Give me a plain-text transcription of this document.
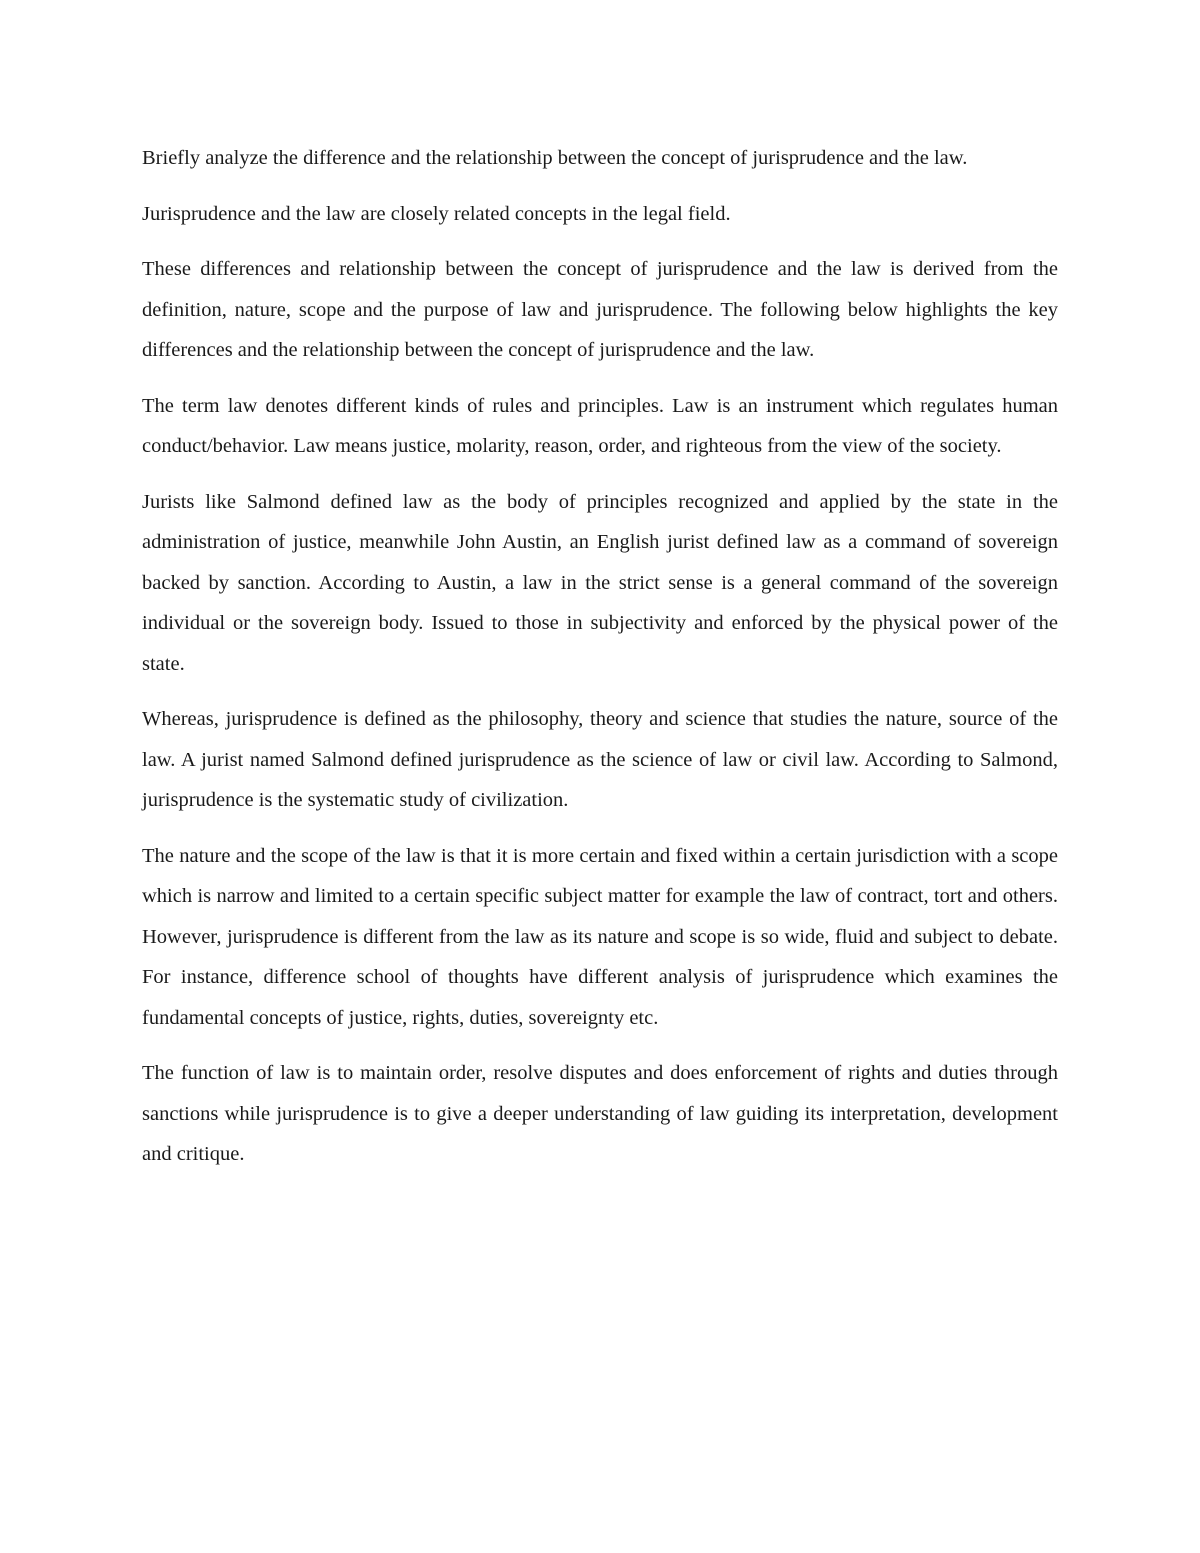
Briefly analyze the difference and the relationship between the concept of jurisprudence and the law.

Jurisprudence and the law are closely related concepts in the legal field.

These differences and relationship between the concept of jurisprudence and the law is derived from the definition, nature, scope and the purpose of law and jurisprudence. The following below highlights the key differences and the relationship between the concept of jurisprudence and the law.

The term law denotes different kinds of rules and principles. Law is an instrument which regulates human conduct/behavior. Law means justice, molarity, reason, order, and righteous from the view of the society.

Jurists like Salmond defined law as the body of principles recognized and applied by the state in the administration of justice, meanwhile John Austin, an English jurist defined law as a command of sovereign backed by sanction. According to Austin, a law in the strict sense is a general command of the sovereign individual or the sovereign body. Issued to those in subjectivity and enforced by the physical power of the state.

Whereas, jurisprudence is defined as the philosophy, theory and science that studies the nature, source of the law. A jurist named Salmond defined jurisprudence as the science of law or civil law. According to Salmond, jurisprudence is the systematic study of civilization.

The nature and the scope of the law is that it is more certain and fixed within a certain jurisdiction with a scope which is narrow and limited to a certain specific subject matter for example the law of contract, tort and others. However, jurisprudence is different from the law as its nature and scope is so wide, fluid and subject to debate. For instance, difference school of thoughts have different analysis of jurisprudence which examines the fundamental concepts of justice, rights, duties, sovereignty etc.

The function of law is to maintain order, resolve disputes and does enforcement of rights and duties through sanctions while jurisprudence is to give a deeper understanding of law guiding its interpretation, development and critique.
